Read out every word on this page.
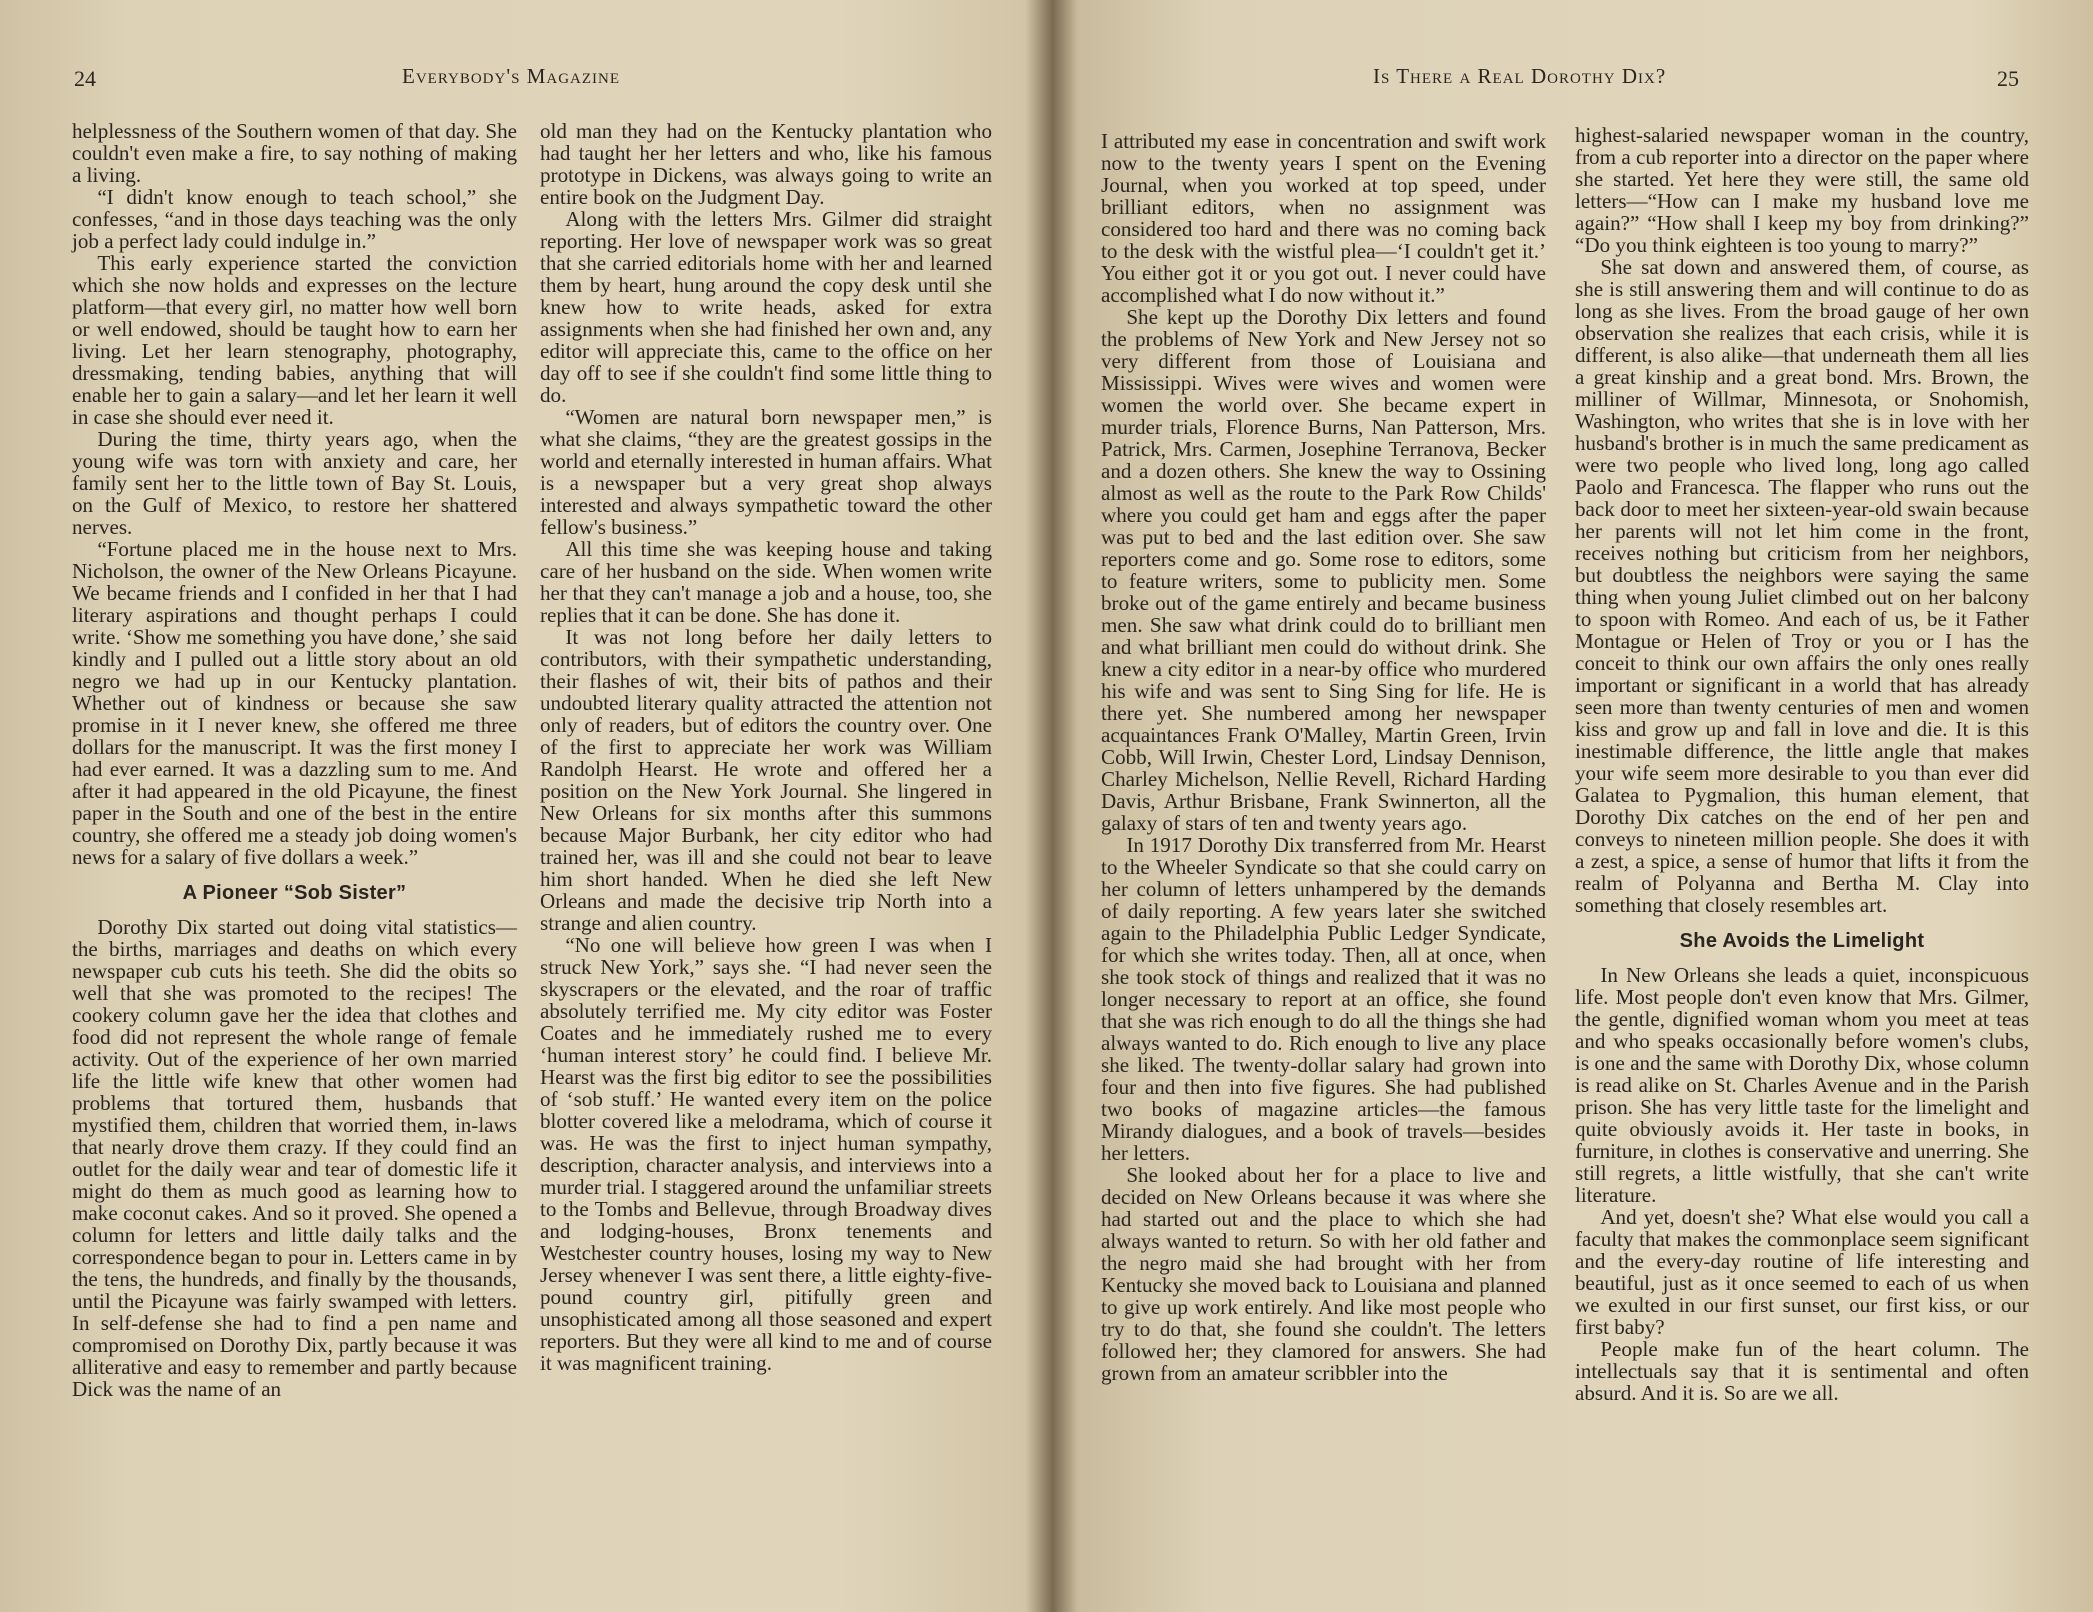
24	Everybody's Magazine

helplessness of the Southern women of that day. She couldn't even make a fire, to say nothing of making a living.

“I didn't know enough to teach school,” she confesses, “and in those days teaching was the only job a perfect lady could indulge in.”

This early experience started the conviction which she now holds and expresses on the lecture platform—that every girl, no matter how well born or well endowed, should be taught how to earn her living. Let her learn stenography, photography, dressmaking, tending babies, anything that will enable her to gain a salary—and let her learn it well in case she should ever need it.

During the time, thirty years ago, when the young wife was torn with anxiety and care, her family sent her to the little town of Bay St. Louis, on the Gulf of Mexico, to restore her shattered nerves.

“Fortune placed me in the house next to Mrs. Nicholson, the owner of the New Orleans Picayune. We became friends and I confided in her that I had literary aspirations and thought perhaps I could write. ‘Show me something you have done,’ she said kindly and I pulled out a little story about an old negro we had up in our Kentucky plantation. Whether out of kindness or because she saw promise in it I never knew, she offered me three dollars for the manuscript. It was the first money I had ever earned. It was a dazzling sum to me. And after it had appeared in the old Picayune, the finest paper in the South and one of the best in the entire country, she offered me a steady job doing women's news for a salary of five dollars a week.”

A Pioneer “Sob Sister”

Dorothy Dix started out doing vital statistics—the births, marriages and deaths on which every newspaper cub cuts his teeth. She did the obits so well that she was promoted to the recipes! The cookery column gave her the idea that clothes and food did not represent the whole range of female activity. Out of the experience of her own married life the little wife knew that other women had problems that tortured them, husbands that mystified them, children that worried them, in-laws that nearly drove them crazy. If they could find an outlet for the daily wear and tear of domestic life it might do them as much good as learning how to make coconut cakes. And so it proved. She opened a column for letters and little daily talks and the correspondence began to pour in. Letters came in by the tens, the hundreds, and finally by the thousands, until the Picayune was fairly swamped with letters. In self-defense she had to find a pen name and compromised on Dorothy Dix, partly because it was alliterative and easy to remember and partly because Dick was the name of an

old man they had on the Kentucky plantation who had taught her her letters and who, like his famous prototype in Dickens, was always going to write an entire book on the Judgment Day.

Along with the letters Mrs. Gilmer did straight reporting. Her love of newspaper work was so great that she carried editorials home with her and learned them by heart, hung around the copy desk until she knew how to write heads, asked for extra assignments when she had finished her own and, any editor will appreciate this, came to the office on her day off to see if she couldn't find some little thing to do.

“Women are natural born newspaper men,” is what she claims, “they are the greatest gossips in the world and eternally interested in human affairs. What is a newspaper but a very great shop always interested and always sympathetic toward the other fellow's business.”

All this time she was keeping house and taking care of her husband on the side. When women write her that they can't manage a job and a house, too, she replies that it can be done. She has done it.

It was not long before her daily letters to contributors, with their sympathetic understanding, their flashes of wit, their bits of pathos and their undoubted literary quality attracted the attention not only of readers, but of editors the country over. One of the first to appreciate her work was William Randolph Hearst. He wrote and offered her a position on the New York Journal. She lingered in New Orleans for six months after this summons because Major Burbank, her city editor who had trained her, was ill and she could not bear to leave him short handed. When he died she left New Orleans and made the decisive trip North into a strange and alien country.

“No one will believe how green I was when I struck New York,” says she. “I had never seen the skyscrapers or the elevated, and the roar of traffic absolutely terrified me. My city editor was Foster Coates and he immediately rushed me to every ‘human interest story’ he could find. I believe Mr. Hearst was the first big editor to see the possibilities of ‘sob stuff.’ He wanted every item on the police blotter covered like a melodrama, which of course it was. He was the first to inject human sympathy, description, character analysis, and interviews into a murder trial. I staggered around the unfamiliar streets to the Tombs and Bellevue, through Broadway dives and lodging-houses, Bronx tenements and Westchester country houses, losing my way to New Jersey whenever I was sent there, a little eighty-five-pound country girl, pitifully green and unsophisticated among all those seasoned and expert reporters. But they were all kind to me and of course it was magnificent training.

Is There a Real Dorothy Dix?	25

I attributed my ease in concentration and swift work now to the twenty years I spent on the Evening Journal, when you worked at top speed, under brilliant editors, when no assignment was considered too hard and there was no coming back to the desk with the wistful plea—‘I couldn't get it.’ You either got it or you got out. I never could have accomplished what I do now without it.”

She kept up the Dorothy Dix letters and found the problems of New York and New Jersey not so very different from those of Louisiana and Mississippi. Wives were wives and women were women the world over. She became expert in murder trials, Florence Burns, Nan Patterson, Mrs. Patrick, Mrs. Carmen, Josephine Terranova, Becker and a dozen others. She knew the way to Ossining almost as well as the route to the Park Row Childs' where you could get ham and eggs after the paper was put to bed and the last edition over. She saw reporters come and go. Some rose to editors, some to feature writers, some to publicity men. Some broke out of the game entirely and became business men. She saw what drink could do to brilliant men and what brilliant men could do without drink. She knew a city editor in a near-by office who murdered his wife and was sent to Sing Sing for life. He is there yet. She numbered among her newspaper acquaintances Frank O'Malley, Martin Green, Irvin Cobb, Will Irwin, Chester Lord, Lindsay Dennison, Charley Michelson, Nellie Revell, Richard Harding Davis, Arthur Brisbane, Frank Swinnerton, all the galaxy of stars of ten and twenty years ago.

In 1917 Dorothy Dix transferred from Mr. Hearst to the Wheeler Syndicate so that she could carry on her column of letters unhampered by the demands of daily reporting. A few years later she switched again to the Philadelphia Public Ledger Syndicate, for which she writes today. Then, all at once, when she took stock of things and realized that it was no longer necessary to report at an office, she found that she was rich enough to do all the things she had always wanted to do. Rich enough to live any place she liked. The twenty-dollar salary had grown into four and then into five figures. She had published two books of magazine articles—the famous Mirandy dialogues, and a book of travels—besides her letters.

She looked about her for a place to live and decided on New Orleans because it was where she had started out and the place to which she had always wanted to return. So with her old father and the negro maid she had brought with her from Kentucky she moved back to Louisiana and planned to give up work entirely. And like most people who try to do that, she found she couldn't. The letters followed her; they clamored for answers. She had grown from an amateur scribbler into the

highest-salaried newspaper woman in the country, from a cub reporter into a director on the paper where she started. Yet here they were still, the same old letters—“How can I make my husband love me again?” “How shall I keep my boy from drinking?” “Do you think eighteen is too young to marry?”

She sat down and answered them, of course, as she is still answering them and will continue to do as long as she lives. From the broad gauge of her own observation she realizes that each crisis, while it is different, is also alike—that underneath them all lies a great kinship and a great bond. Mrs. Brown, the milliner of Willmar, Minnesota, or Snohomish, Washington, who writes that she is in love with her husband's brother is in much the same predicament as were two people who lived long, long ago called Paolo and Francesca. The flapper who runs out the back door to meet her sixteen-year-old swain because her parents will not let him come in the front, receives nothing but criticism from her neighbors, but doubtless the neighbors were saying the same thing when young Juliet climbed out on her balcony to spoon with Romeo. And each of us, be it Father Montague or Helen of Troy or you or I has the conceit to think our own affairs the only ones really important or significant in a world that has already seen more than twenty centuries of men and women kiss and grow up and fall in love and die. It is this inestimable difference, the little angle that makes your wife seem more desirable to you than ever did Galatea to Pygmalion, this human element, that Dorothy Dix catches on the end of her pen and conveys to nineteen million people. She does it with a zest, a spice, a sense of humor that lifts it from the realm of Polyanna and Bertha M. Clay into something that closely resembles art.

She Avoids the Limelight

In New Orleans she leads a quiet, inconspicuous life. Most people don't even know that Mrs. Gilmer, the gentle, dignified woman whom you meet at teas and who speaks occasionally before women's clubs, is one and the same with Dorothy Dix, whose column is read alike on St. Charles Avenue and in the Parish prison. She has very little taste for the limelight and quite obviously avoids it. Her taste in books, in furniture, in clothes is conservative and unerring. She still regrets, a little wistfully, that she can't write literature.

And yet, doesn't she? What else would you call a faculty that makes the commonplace seem significant and the every-day routine of life interesting and beautiful, just as it once seemed to each of us when we exulted in our first sunset, our first kiss, or our first baby?

People make fun of the heart column. The intellectuals say that it is sentimental and often absurd. And it is. So are we all.
